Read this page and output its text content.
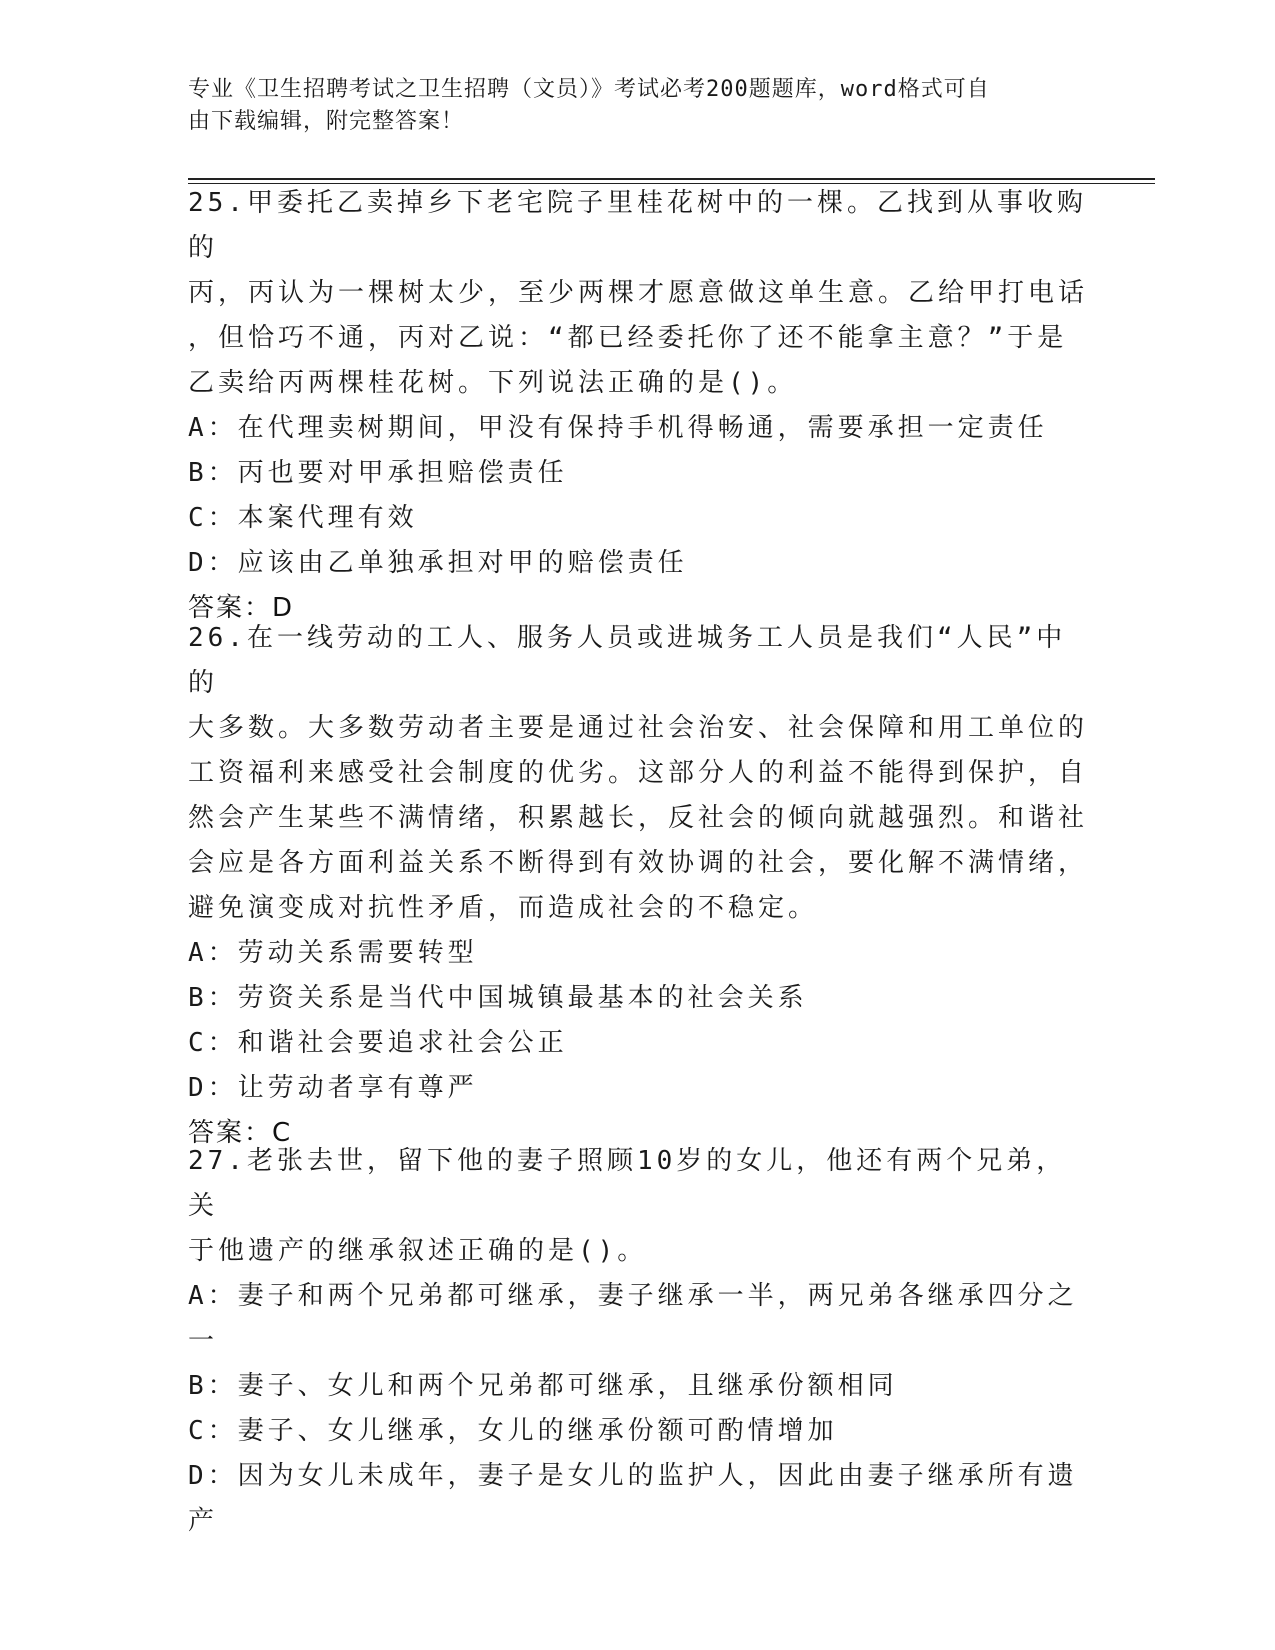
专业《卫生招聘考试之卫生招聘（文员）》考试必考200题题库，word格式可自
由下载编辑，附完整答案！
25.甲委托乙卖掉乡下老宅院子里桂花树中的一棵。乙找到从事收购的
丙，丙认为一棵树太少，至少两棵才愿意做这单生意。乙给甲打电话
，但恰巧不通，丙对乙说：“都已经委托你了还不能拿主意？”于是
乙卖给丙两棵桂花树。下列说法正确的是()。
A：在代理卖树期间，甲没有保持手机得畅通，需要承担一定责任
B：丙也要对甲承担赔偿责任
C：本案代理有效
D：应该由乙单独承担对甲的赔偿责任
答案：D
26.在一线劳动的工人、服务人员或进城务工人员是我们“人民”中的
大多数。大多数劳动者主要是通过社会治安、社会保障和用工单位的
工资福利来感受社会制度的优劣。这部分人的利益不能得到保护，自
然会产生某些不满情绪，积累越长，反社会的倾向就越强烈。和谐社
会应是各方面利益关系不断得到有效协调的社会，要化解不满情绪，
避免演变成对抗性矛盾，而造成社会的不稳定。
A：劳动关系需要转型
B：劳资关系是当代中国城镇最基本的社会关系
C：和谐社会要追求社会公正
D：让劳动者享有尊严
答案：C
27.老张去世，留下他的妻子照顾10岁的女儿，他还有两个兄弟，关
于他遗产的继承叙述正确的是()。
A：妻子和两个兄弟都可继承，妻子继承一半，两兄弟各继承四分之一
B：妻子、女儿和两个兄弟都可继承，且继承份额相同
C：妻子、女儿继承，女儿的继承份额可酌情增加
D：因为女儿未成年，妻子是女儿的监护人，因此由妻子继承所有遗产
